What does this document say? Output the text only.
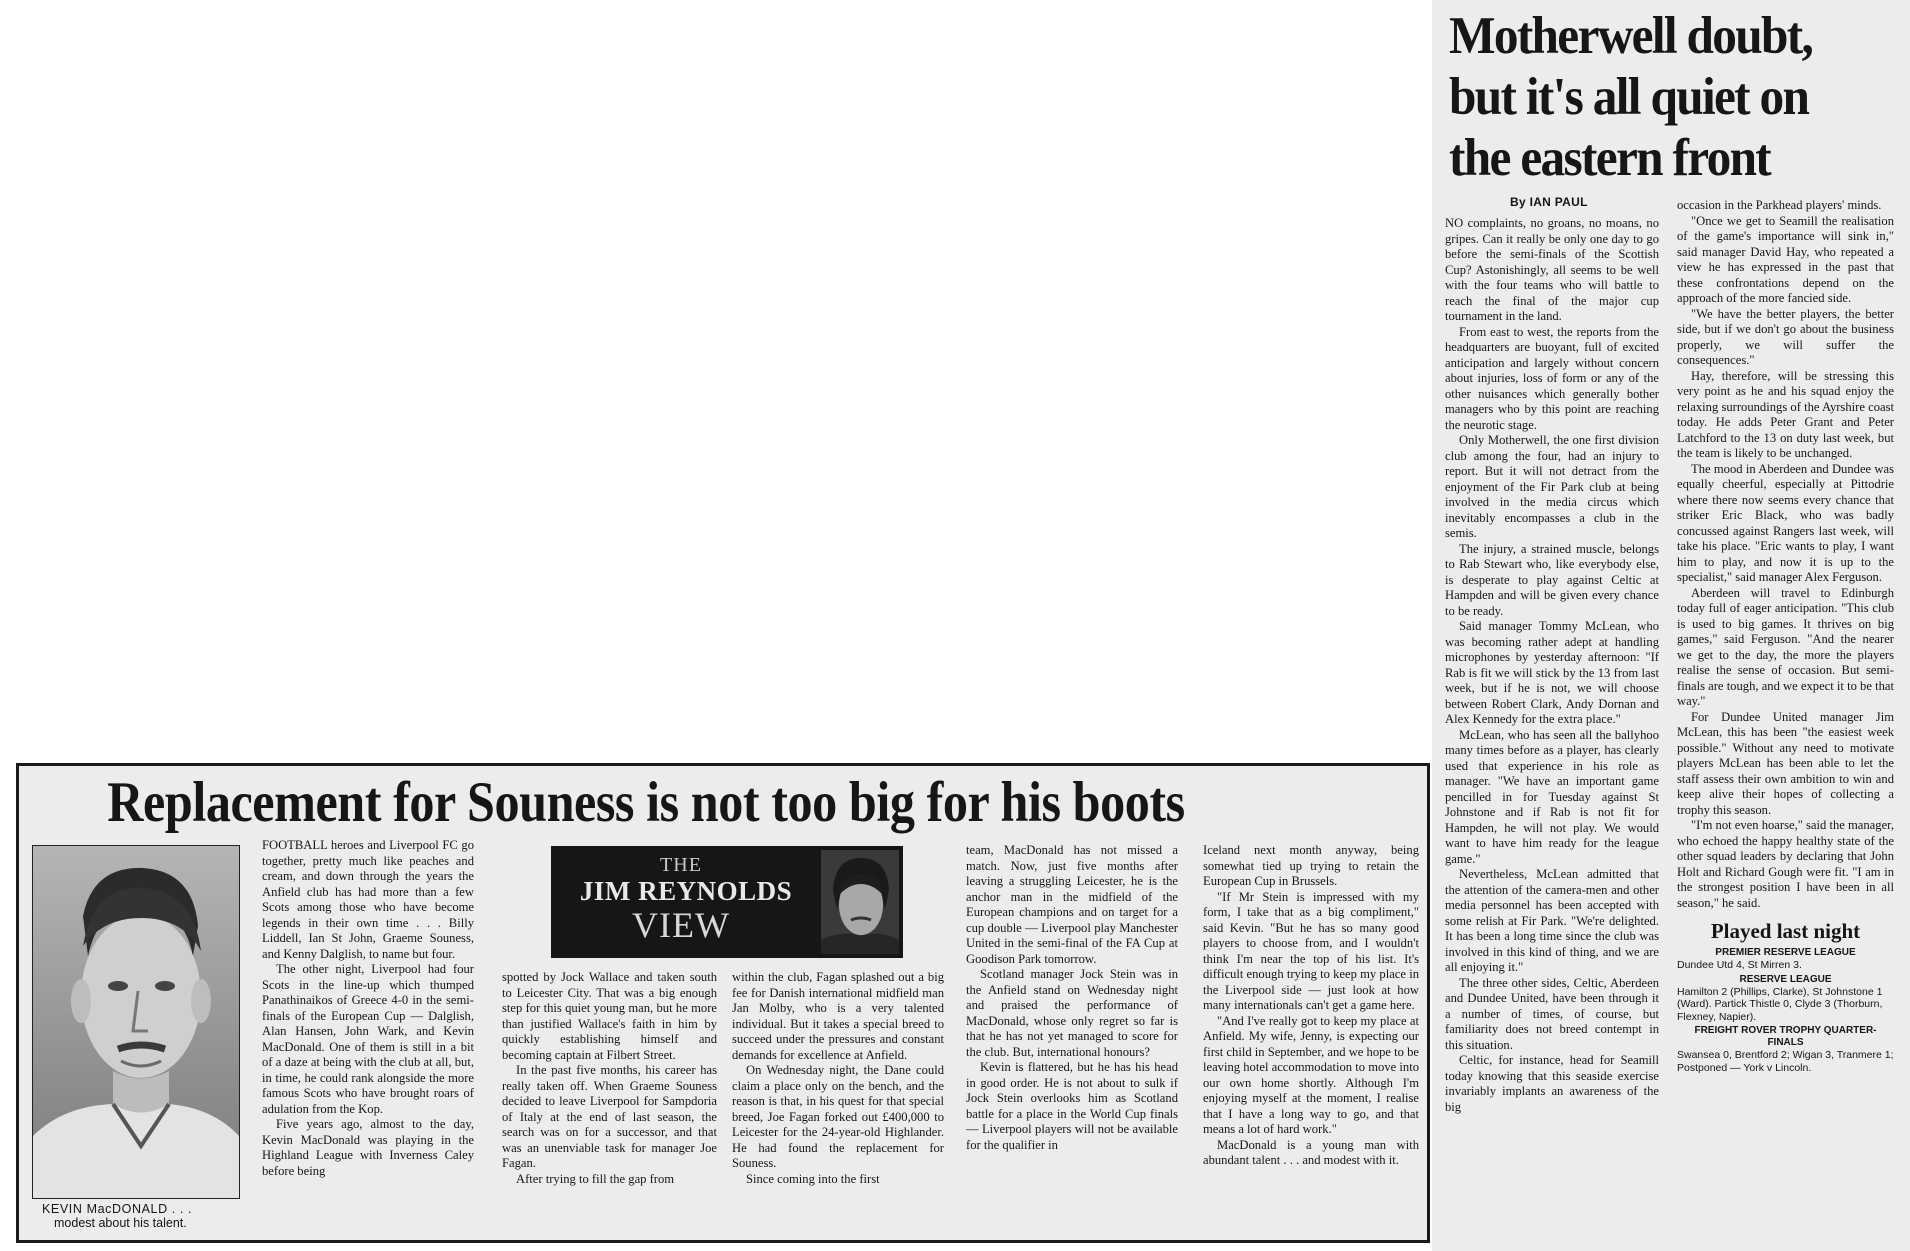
Motherwell doubt, but it's all quiet on the eastern front
By IAN PAUL

NO complaints, no groans, no moans, no gripes. Can it really be only one day to go before the semi-finals of the Scottish Cup? Astonishingly, all seems to be well with the four teams who will battle to reach the final of the major cup tournament in the land.

From east to west, the reports from the headquarters are buoyant, full of excited anticipation and largely without concern about injuries, loss of form or any of the other nuisances which generally bother managers who by this point are reaching the neurotic stage.

Only Motherwell, the one first division club among the four, had an injury to report. But it will not detract from the enjoyment of the Fir Park club at being involved in the media circus which inevitably encompasses a club in the semis.

The injury, a strained muscle, belongs to Rab Stewart who, like everybody else, is desperate to play against Celtic at Hampden and will be given every chance to be ready.

Said manager Tommy McLean, who was becoming rather adept at handling microphones by yesterday afternoon: "If Rab is fit we will stick by the 13 from last week, but if he is not, we will choose between Robert Clark, Andy Dornan and Alex Kennedy for the extra place."

McLean, who has seen all the ballyhoo many times before as a player, has clearly used that experience in his role as manager. "We have an important game pencilled in for Tuesday against St Johnstone and if Rab is not fit for Hampden, he will not play. We would want to have him ready for the league game."

Nevertheless, McLean admitted that the attention of the camera-men and other media personnel has been accepted with some relish at Fir Park. "We're delighted. It has been a long time since the club was involved in this kind of thing, and we are all enjoying it."

The three other sides, Celtic, Aberdeen and Dundee United, have been through it a number of times, of course, but familiarity does not breed contempt in this situation.

Celtic, for instance, head for Seamill today knowing that this seaside exercise invariably implants an awareness of the big

occasion in the Parkhead players' minds.

"Once we get to Seamill the realisation of the game's importance will sink in," said manager David Hay, who repeated a view he has expressed in the past that these confrontations depend on the approach of the more fancied side.

"We have the better players, the better side, but if we don't go about the business properly, we will suffer the consequences."

Hay, therefore, will be stressing this very point as he and his squad enjoy the relaxing surroundings of the Ayrshire coast today. He adds Peter Grant and Peter Latchford to the 13 on duty last week, but the team is likely to be unchanged.

The mood in Aberdeen and Dundee was equally cheerful, especially at Pittodrie where there now seems every chance that striker Eric Black, who was badly concussed against Rangers last week, will take his place. "Eric wants to play, I want him to play, and now it is up to the specialist," said manager Alex Ferguson.

Aberdeen will travel to Edinburgh today full of eager anticipation. "This club is used to big games. It thrives on big games," said Ferguson. "And the nearer we get to the day, the more the players realise the sense of occasion. But semi-finals are tough, and we expect it to be that way."

For Dundee United manager Jim McLean, this has been "the easiest week possible." Without any need to motivate players McLean has been able to let the staff assess their own ambition to win and keep alive their hopes of collecting a trophy this season.

"I'm not even hoarse," said the manager, who echoed the happy healthy state of the other squad leaders by declaring that John Holt and Richard Gough were fit. "I am in the strongest position I have been in all season," he said.

Played last night
PREMIER RESERVE LEAGUE

Dundee Utd 4, St Mirren 3.

RESERVE LEAGUE

Hamilton 2 (Phillips, Clarke), St Johnstone 1 (Ward). Partick Thistle 0, Clyde 3 (Thorburn, Flexney, Napier).

FREIGHT ROVER TROPHY QUARTER-FINALS

Swansea 0, Brentford 2; Wigan 3, Tranmere 1; Postponed — York v Lincoln.

Replacement for Souness is not too big for his boots
KEVIN MacDONALD . . .
modest about his talent.

FOOTBALL heroes and Liverpool FC go together, pretty much like peaches and cream, and down through the years the Anfield club has had more than a few Scots among those who have become legends in their own time . . . Billy Liddell, Ian St John, Graeme Souness, and Kenny Dalglish, to name but four.

The other night, Liverpool had four Scots in the line-up which thumped Panathinaikos of Greece 4-0 in the semi-finals of the European Cup — Dalglish, Alan Hansen, John Wark, and Kevin MacDonald. One of them is still in a bit of a daze at being with the club at all, but, in time, he could rank alongside the more famous Scots who have brought roars of adulation from the Kop.

Five years ago, almost to the day, Kevin MacDonald was playing in the Highland League with Inverness Caley before being

THE
JIM REYNOLDS
VIEW

spotted by Jock Wallace and taken south to Leicester City. That was a big enough step for this quiet young man, but he more than justified Wallace's faith in him by quickly establishing himself and becoming captain at Filbert Street.

In the past five months, his career has really taken off. When Graeme Souness decided to leave Liverpool for Sampdoria of Italy at the end of last season, the search was on for a successor, and that was an unenviable task for manager Joe Fagan.

After trying to fill the gap from

within the club, Fagan splashed out a big fee for Danish international midfield man Jan Molby, who is a very talented individual. But it takes a special breed to succeed under the pressures and constant demands for excellence at Anfield.

On Wednesday night, the Dane could claim a place only on the bench, and the reason is that, in his quest for that special breed, Joe Fagan forked out £400,000 to Leicester for the 24-year-old Highlander. He had found the replacement for Souness.

Since coming into the first

team, MacDonald has not missed a match. Now, just five months after leaving a struggling Leicester, he is the anchor man in the midfield of the European champions and on target for a cup double — Liverpool play Manchester United in the semi-final of the FA Cup at Goodison Park tomorrow.

Scotland manager Jock Stein was in the Anfield stand on Wednesday night and praised the performance of MacDonald, whose only regret so far is that he has not yet managed to score for the club. But, international honours?

Kevin is flattered, but he has his head in good order. He is not about to sulk if Jock Stein overlooks him as Scotland battle for a place in the World Cup finals — Liverpool players will not be available for the qualifier in

Iceland next month anyway, being somewhat tied up trying to retain the European Cup in Brussels.

"If Mr Stein is impressed with my form, I take that as a big compliment," said Kevin. "But he has so many good players to choose from, and I wouldn't think I'm near the top of his list. It's difficult enough trying to keep my place in the Liverpool side — just look at how many internationals can't get a game here.

"And I've really got to keep my place at Anfield. My wife, Jenny, is expecting our first child in September, and we hope to be leaving hotel accommodation to move into our own home shortly. Although I'm enjoying myself at the moment, I realise that I have a long way to go, and that means a lot of hard work."

MacDonald is a young man with abundant talent . . . and modest with it.
